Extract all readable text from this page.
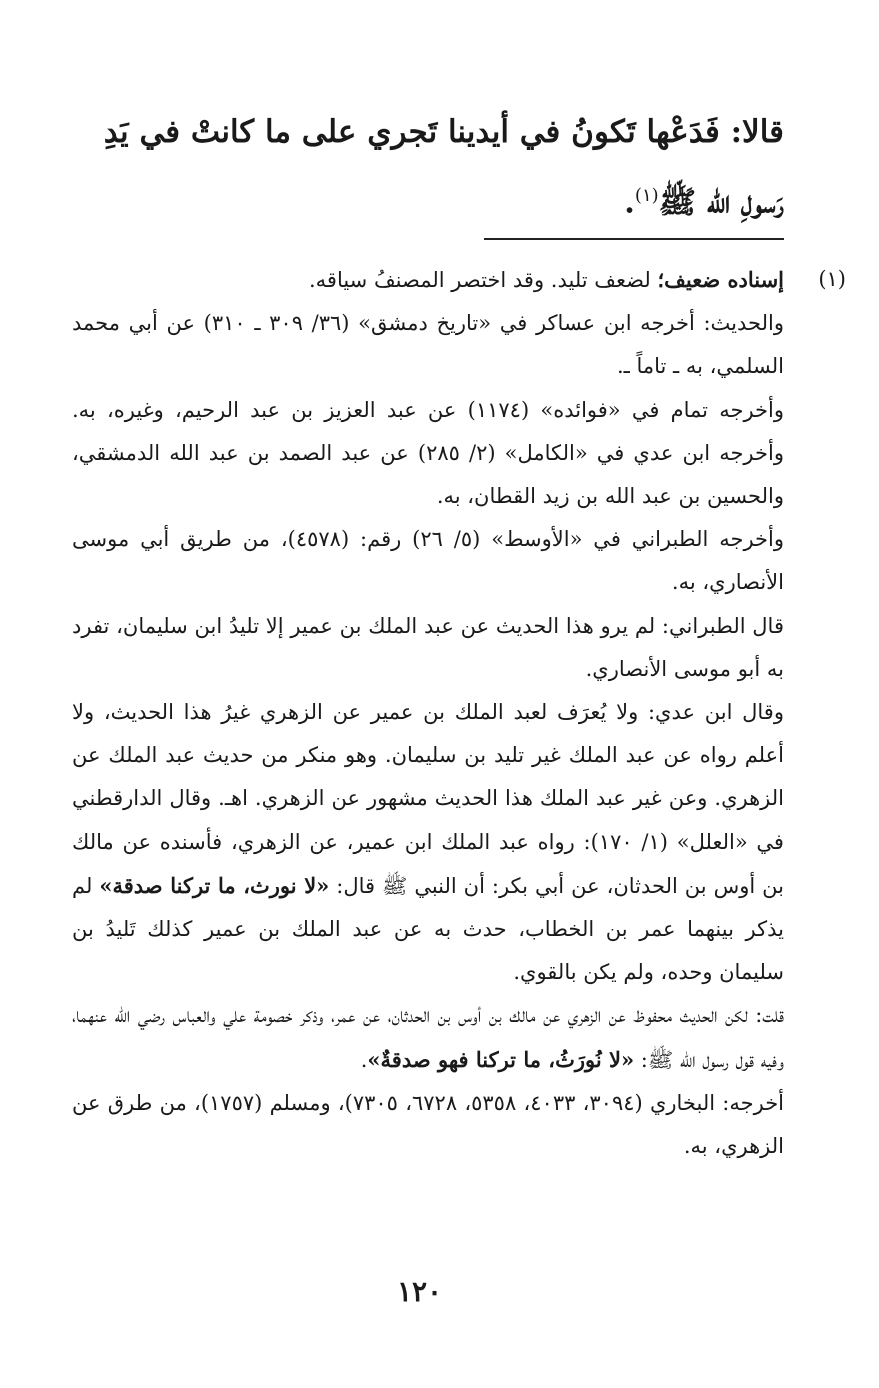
قالا: فَدَعْها تَكونُ في أيدينا تَجري على ما كانتْ في يَدِ

رَسولِ الله ﷺ$^{(١)}$.

(١)

إسناده ضعيف؛ لضعف تليد. وقد اختصر المصنفُ سياقه.

والحديث: أخرجه ابن عساكر في «تاريخ دمشق» (٣٦/ ٣٠٩ ـ ٣١٠) عن أبي محمد السلمي، به ـ تاماً ـ.

وأخرجه تمام في «فوائده» (١١٧٤) عن عبد العزيز بن عبد الرحيم، وغيره، به. وأخرجه ابن عدي في «الكامل» (٢/ ٢٨٥) عن عبد الصمد بن عبد الله الدمشقي، والحسين بن عبد الله بن زيد القطان، به.

وأخرجه الطبراني في «الأوسط» (٥/ ٢٦) رقم: (٤٥٧٨)، من طريق أبي موسى الأنصاري، به.

قال الطبراني: لم يرو هذا الحديث عن عبد الملك بن عمير إلا تليدُ ابن سليمان، تفرد به أبو موسى الأنصاري.

وقال ابن عدي: ولا يُعرَف لعبد الملك بن عمير عن الزهري غيرُ هذا الحديث، ولا أعلم رواه عن عبد الملك غير تليد بن سليمان. وهو منكر من حديث عبد الملك عن الزهري. وعن غير عبد الملك هذا الحديث مشهور عن الزهري. اهـ. وقال الدارقطني في «العلل» (١/ ١٧٠): رواه عبد الملك ابن عمير، عن الزهري، فأسنده عن مالك بن أوس بن الحدثان، عن أبي بكر: أن النبي ﷺ قال: «لا نورث، ما تركنا صدقة» لم يذكر بينهما عمر بن الخطاب، حدث به عن عبد الملك بن عمير كذلك تَليدُ بن سليمان وحده، ولم يكن بالقوي.

قلت: لكن الحديث محفوظ عن الزهري عن مالك بن أوس بن الحدثان، عن عمر، وذكر خصومة علي والعباس رضي الله عنهما، وفيه قول رسول الله ﷺ: «لا نُورَثُ، ما تركنا فهو صدقةٌ».

أخرجه: البخاري (٣٠٩٤، ٤٠٣٣، ٥٣٥٨، ٦٧٢٨، ٧٣٠٥)، ومسلم (١٧٥٧)، من طرق عن الزهري، به.

١٢٠
